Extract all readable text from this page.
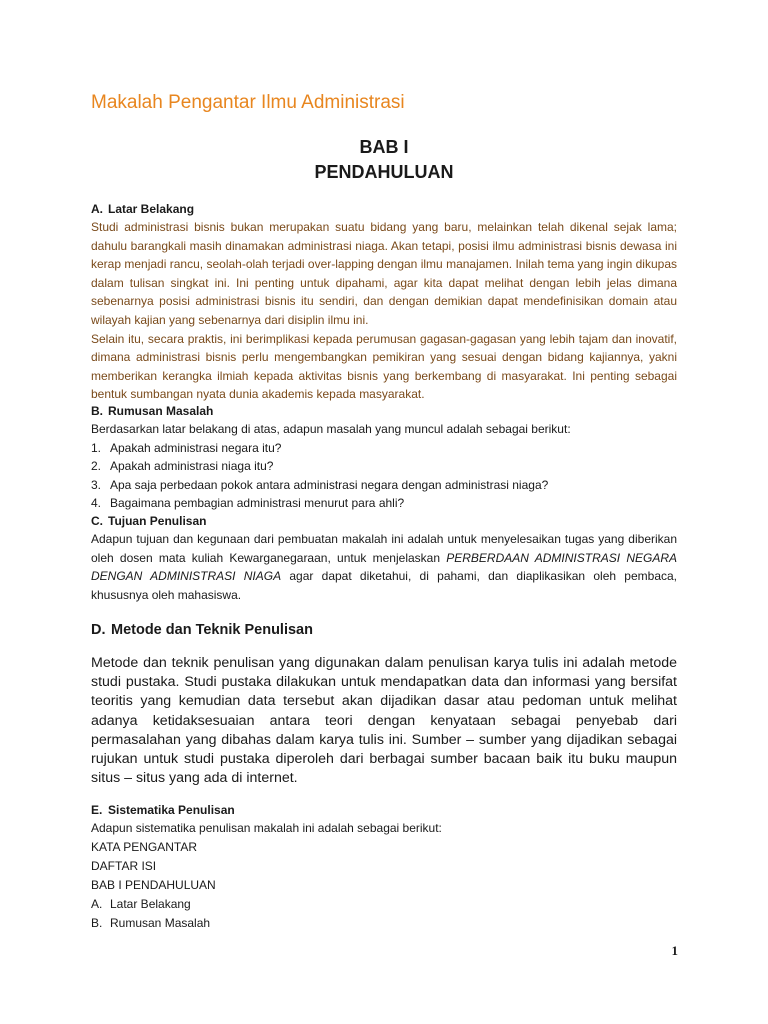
Makalah Pengantar Ilmu Administrasi
BAB I
PENDAHULUAN

A. Latar Belakang

Studi administrasi bisnis bukan merupakan suatu bidang yang baru, melainkan telah dikenal sejak lama; dahulu barangkali masih dinamakan administrasi niaga. Akan tetapi, posisi ilmu administrasi bisnis dewasa ini kerap menjadi rancu, seolah-olah terjadi over-lapping dengan ilmu manajamen. Inilah tema yang ingin dikupas dalam tulisan singkat ini. Ini penting untuk dipahami, agar kita dapat melihat dengan lebih jelas dimana sebenarnya posisi administrasi bisnis itu sendiri, dan dengan demikian dapat mendefinisikan domain atau wilayah kajian yang sebenarnya dari disiplin ilmu ini.

Selain itu, secara praktis, ini berimplikasi kepada perumusan gagasan-gagasan yang lebih tajam dan inovatif, dimana administrasi bisnis perlu mengembangkan pemikiran yang sesuai dengan bidang kajiannya, yakni memberikan kerangka ilmiah kepada aktivitas bisnis yang berkembang di masyarakat. Ini penting sebagai bentuk sumbangan nyata dunia akademis kepada masyarakat.

B. Rumusan Masalah

Berdasarkan latar belakang di atas, adapun masalah yang muncul adalah sebagai berikut:

1. Apakah administrasi negara itu?
2. Apakah administrasi niaga itu?
3. Apa saja perbedaan pokok antara administrasi negara dengan administrasi niaga?
4. Bagaimana pembagian administrasi menurut para ahli?

C. Tujuan Penulisan

Adapun tujuan dan kegunaan dari pembuatan makalah ini adalah untuk menyelesaikan tugas yang diberikan oleh dosen mata kuliah Kewarganegaraan, untuk menjelaskan PERBERDAAN ADMINISTRASI NEGARA DENGAN ADMINISTRASI NIAGA agar dapat diketahui, di pahami, dan diaplikasikan oleh pembaca, khususnya oleh mahasiswa.

D. Metode dan Teknik Penulisan

Metode dan teknik penulisan yang digunakan dalam penulisan karya tulis ini adalah metode studi pustaka. Studi pustaka dilakukan untuk mendapatkan data dan informasi yang bersifat teoritis yang kemudian data tersebut akan dijadikan dasar atau pedoman untuk melihat adanya ketidaksesuaian antara teori dengan kenyataan sebagai penyebab dari permasalahan yang dibahas dalam karya tulis ini. Sumber – sumber yang dijadikan sebagai rujukan untuk studi pustaka diperoleh dari berbagai sumber bacaan baik itu buku maupun situs – situs yang ada di internet.

E. Sistematika Penulisan

Adapun sistematika penulisan makalah ini adalah sebagai berikut:
KATA PENGANTAR
DAFTAR ISI
BAB I PENDAHULUAN
A. Latar Belakang
B. Rumusan Masalah
1
